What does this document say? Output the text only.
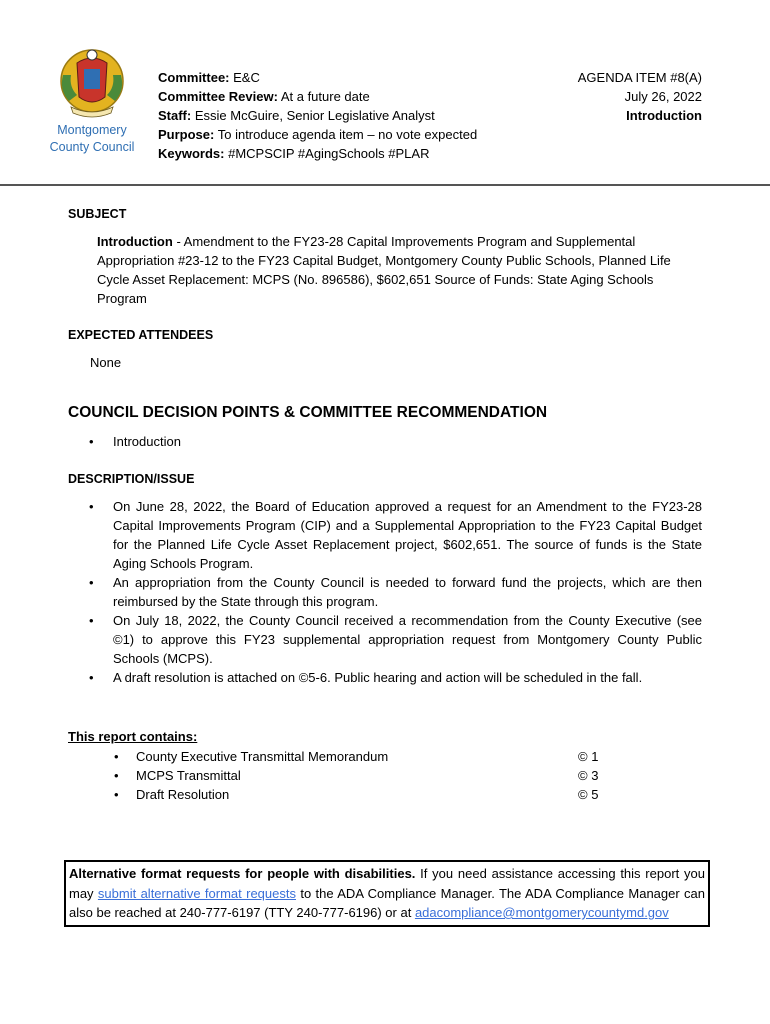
Montgomery
County Council
Committee: E&C
Committee Review: At a future date
Staff: Essie McGuire, Senior Legislative Analyst
Purpose: To introduce agenda item – no vote expected
Keywords: #MCPSCIP #AgingSchools #PLAR
AGENDA ITEM #8(A)
July 26, 2022
Introduction
SUBJECT
Introduction - Amendment to the FY23-28 Capital Improvements Program and Supplemental Appropriation #23-12 to the FY23 Capital Budget, Montgomery County Public Schools, Planned Life Cycle Asset Replacement: MCPS (No. 896586), $602,651 Source of Funds: State Aging Schools Program
EXPECTED ATTENDEES
None
COUNCIL DECISION POINTS & COMMITTEE RECOMMENDATION
• Introduction
DESCRIPTION/ISSUE
• On June 28, 2022, the Board of Education approved a request for an Amendment to the FY23-28 Capital Improvements Program (CIP) and a Supplemental Appropriation to the FY23 Capital Budget for the Planned Life Cycle Asset Replacement project, $602,651. The source of funds is the State Aging Schools Program.
• An appropriation from the County Council is needed to forward fund the projects, which are then reimbursed by the State through this program.
• On July 18, 2022, the County Council received a recommendation from the County Executive (see ©1) to approve this FY23 supplemental appropriation request from Montgomery County Public Schools (MCPS).
• A draft resolution is attached on ©5-6. Public hearing and action will be scheduled in the fall.
This report contains:
• County Executive Transmittal Memorandum	© 1
• MCPS Transmittal	© 3
• Draft Resolution	© 5
Alternative format requests for people with disabilities. If you need assistance accessing this report you may submit alternative format requests to the ADA Compliance Manager. The ADA Compliance Manager can also be reached at 240-777-6197 (TTY 240-777-6196) or at adacompliance@montgomerycountymd.gov
